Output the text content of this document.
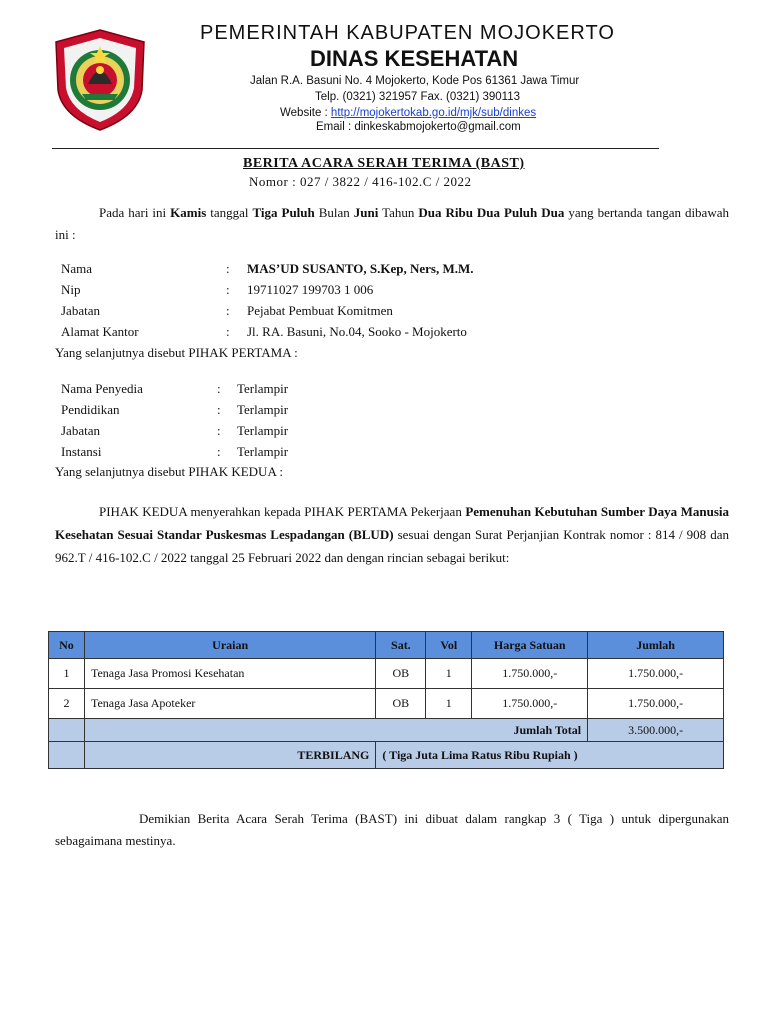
PEMERINTAH KABUPATEN MOJOKERTO
DINAS KESEHATAN
Jalan R.A. Basuni No. 4 Mojokerto, Kode Pos 61361 Jawa Timur
Telp. (0321) 321957 Fax. (0321) 390113
Website : http://mojokertokab.go.id/mjk/sub/dinkes
Email : dinkeskabmojokerto@gmail.com
BERITA ACARA SERAH TERIMA (BAST)
Nomor : 027 / 3822 / 416-102.C / 2022
Pada hari ini Kamis tanggal Tiga Puluh Bulan Juni Tahun Dua Ribu Dua Puluh Dua yang bertanda tangan dibawah ini :
Nama	: MAS’UD SUSANTO, S.Kep, Ners, M.M.
Nip	: 19711027 199703 1 006
Jabatan	: Pejabat Pembuat Komitmen
Alamat Kantor	: Jl. RA. Basuni, No.04, Sooko - Mojokerto
Yang selanjutnya disebut PIHAK PERTAMA :
Nama Penyedia	: Terlampir
Pendidikan	: Terlampir
Jabatan	: Terlampir
Instansi	: Terlampir
Yang selanjutnya disebut PIHAK KEDUA :
PIHAK KEDUA menyerahkan kepada PIHAK PERTAMA Pekerjaan Pemenuhan Kebutuhan Sumber Daya Manusia Kesehatan Sesuai Standar Puskesmas Lespadangan (BLUD) sesuai dengan Surat Perjanjian Kontrak nomor : 814 / 908 dan 962.T / 416-102.C / 2022 tanggal 25 Februari 2022 dan dengan rincian sebagai berikut:
No	Uraian	Sat.	Vol	Harga Satuan	Jumlah
1	Tenaga Jasa Promosi Kesehatan	OB	1	1.750.000,-	1.750.000,-
2	Tenaga Jasa Apoteker	OB	1	1.750.000,-	1.750.000,-
	Jumlah Total				3.500.000,-
	TERBILANG	( Tiga Juta Lima Ratus Ribu Rupiah )			
Demikian Berita Acara Serah Terima (BAST) ini dibuat dalam rangkap 3 ( Tiga ) untuk dipergunakan sebagaimana mestinya.
